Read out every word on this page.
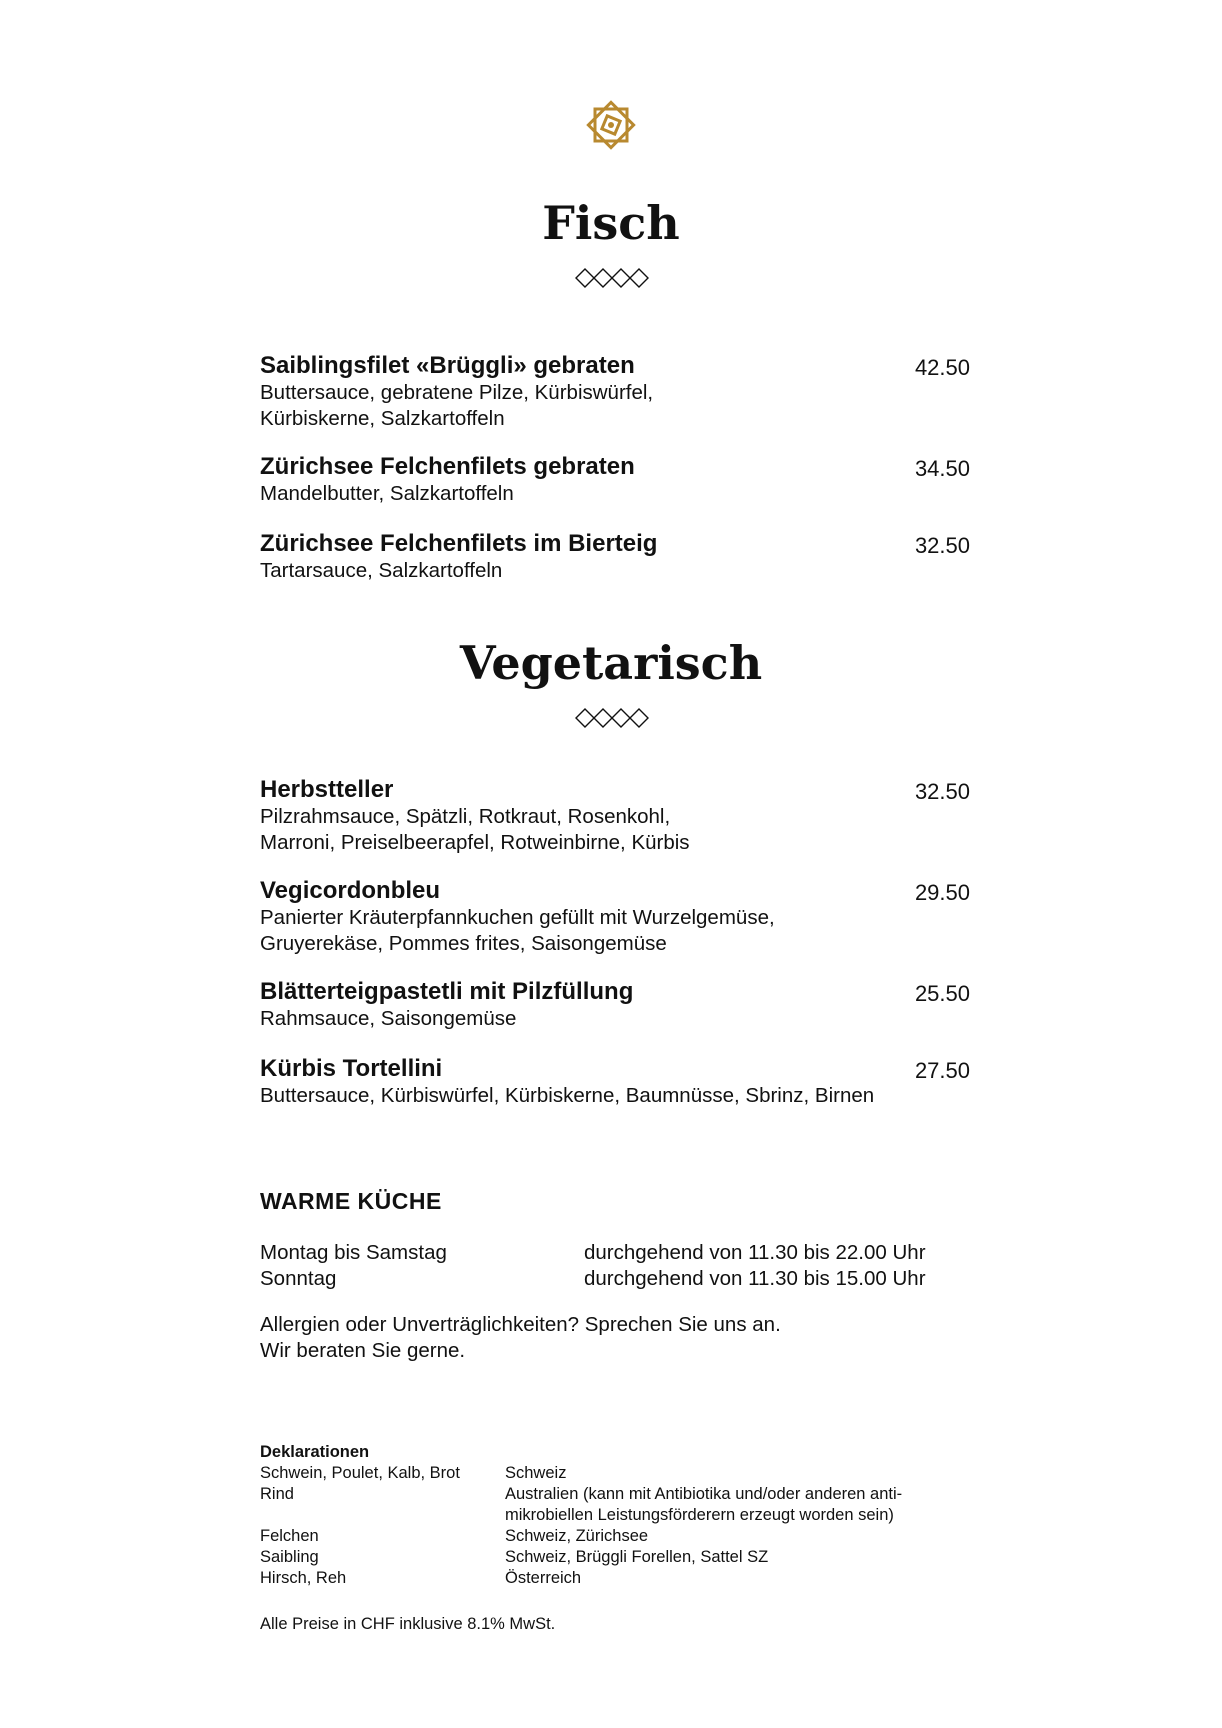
Fisch
Saiblingsfilet «Brüggli» gebraten	42.50
Buttersauce, gebratene Pilze, Kürbiswürfel,
Kürbiskerne, Salzkartoffeln
Zürichsee Felchenfilets gebraten	34.50
Mandelbutter, Salzkartoffeln
Zürichsee Felchenfilets im Bierteig	32.50
Tartarsauce, Salzkartoffeln
Vegetarisch
Herbstteller	32.50
Pilzrahmsauce, Spätzli, Rotkraut, Rosenkohl,
Marroni, Preiselbeerapfel, Rotweinbirne, Kürbis
Vegicordonbleu	29.50
Panierter Kräuterpfannkuchen gefüllt mit Wurzelgemüse,
Gruyerekäse, Pommes frites, Saisongemüse
Blätterteigpastetli mit Pilzfüllung	25.50
Rahmsauce, Saisongemüse
Kürbis Tortellini	27.50
Buttersauce, Kürbiswürfel, Kürbiskerne, Baumnüsse, Sbrinz, Birnen
WARME KÜCHE
Montag bis Samstag	durchgehend von 11.30 bis 22.00 Uhr
Sonntag	durchgehend von 11.30 bis 15.00 Uhr
Allergien oder Unverträglichkeiten? Sprechen Sie uns an.
Wir beraten Sie gerne.
Deklarationen
Schwein, Poulet, Kalb, Brot	Schweiz
Rind	Australien (kann mit Antibiotika und/oder anderen anti-
mikrobiellen Leistungsförderern erzeugt worden sein)
Felchen	Schweiz, Zürichsee
Saibling	Schweiz, Brüggli Forellen, Sattel SZ
Hirsch, Reh	Österreich
Alle Preise in CHF inklusive 8.1% MwSt.
